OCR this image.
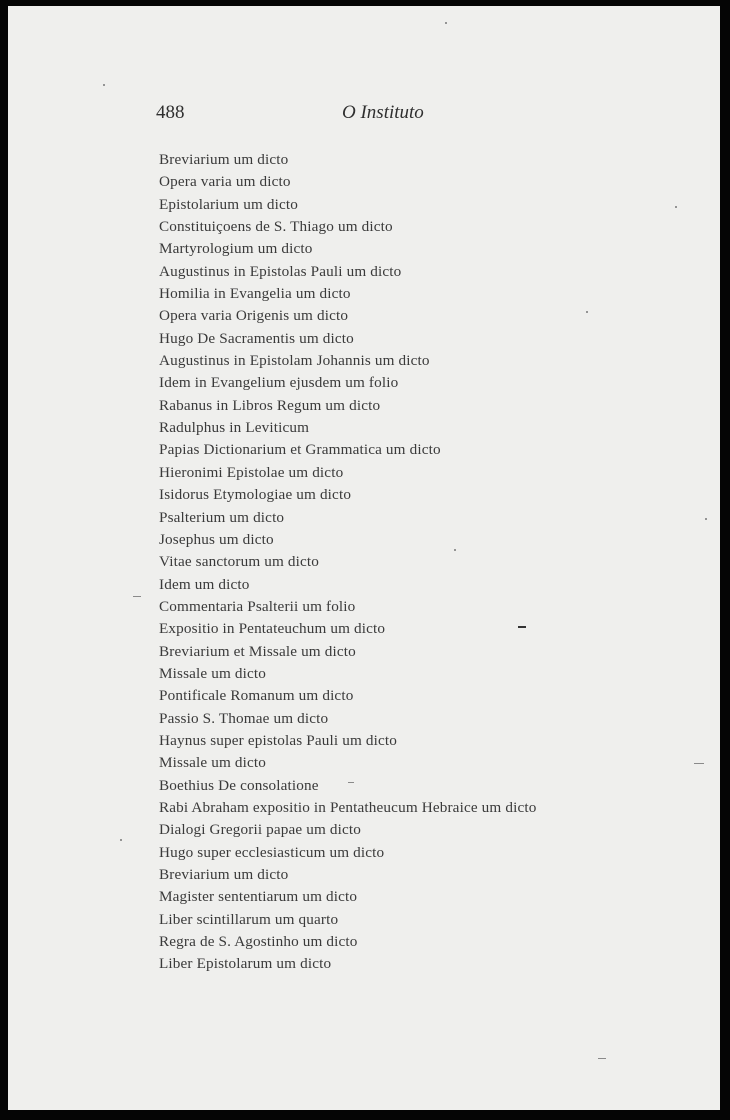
488	O Instituto
Breviarium um dicto
Opera varia um dicto
Epistolarium um dicto
Constituiçoens de S. Thiago um dicto
Martyrologium um dicto
Augustinus in Epistolas Pauli um dicto
Homilia in Evangelia um dicto
Opera varia Origenis um dicto
Hugo De Sacramentis um dicto
Augustinus in Epistolam Johannis um dicto
Idem in Evangelium ejusdem um folio
Rabanus in Libros Regum um dicto
Radulphus in Leviticum
Papias Dictionarium et Grammatica um dicto
Hieronimi Epistolae um dicto
Isidorus Etymologiae um dicto
Psalterium um dicto
Josephus um dicto
Vitae sanctorum um dicto
Idem um dicto
Commentaria Psalterii um folio
Expositio in Pentateuchum um dicto
Breviarium et Missale um dicto
Missale um dicto
Pontificale Romanum um dicto
Passio S. Thomae um dicto
Haynus super epistolas Pauli um dicto
Missale um dicto
Boethius De consolatione
Rabi Abraham expositio in Pentatheucum Hebraice um dicto
Dialogi Gregorii papae um dicto
Hugo super ecclesiasticum um dicto
Breviarium um dicto
Magister sententiarum um dicto
Liber scintillarum um quarto
Regra de S. Agostinho um dicto
Liber Epistolarum um dicto
